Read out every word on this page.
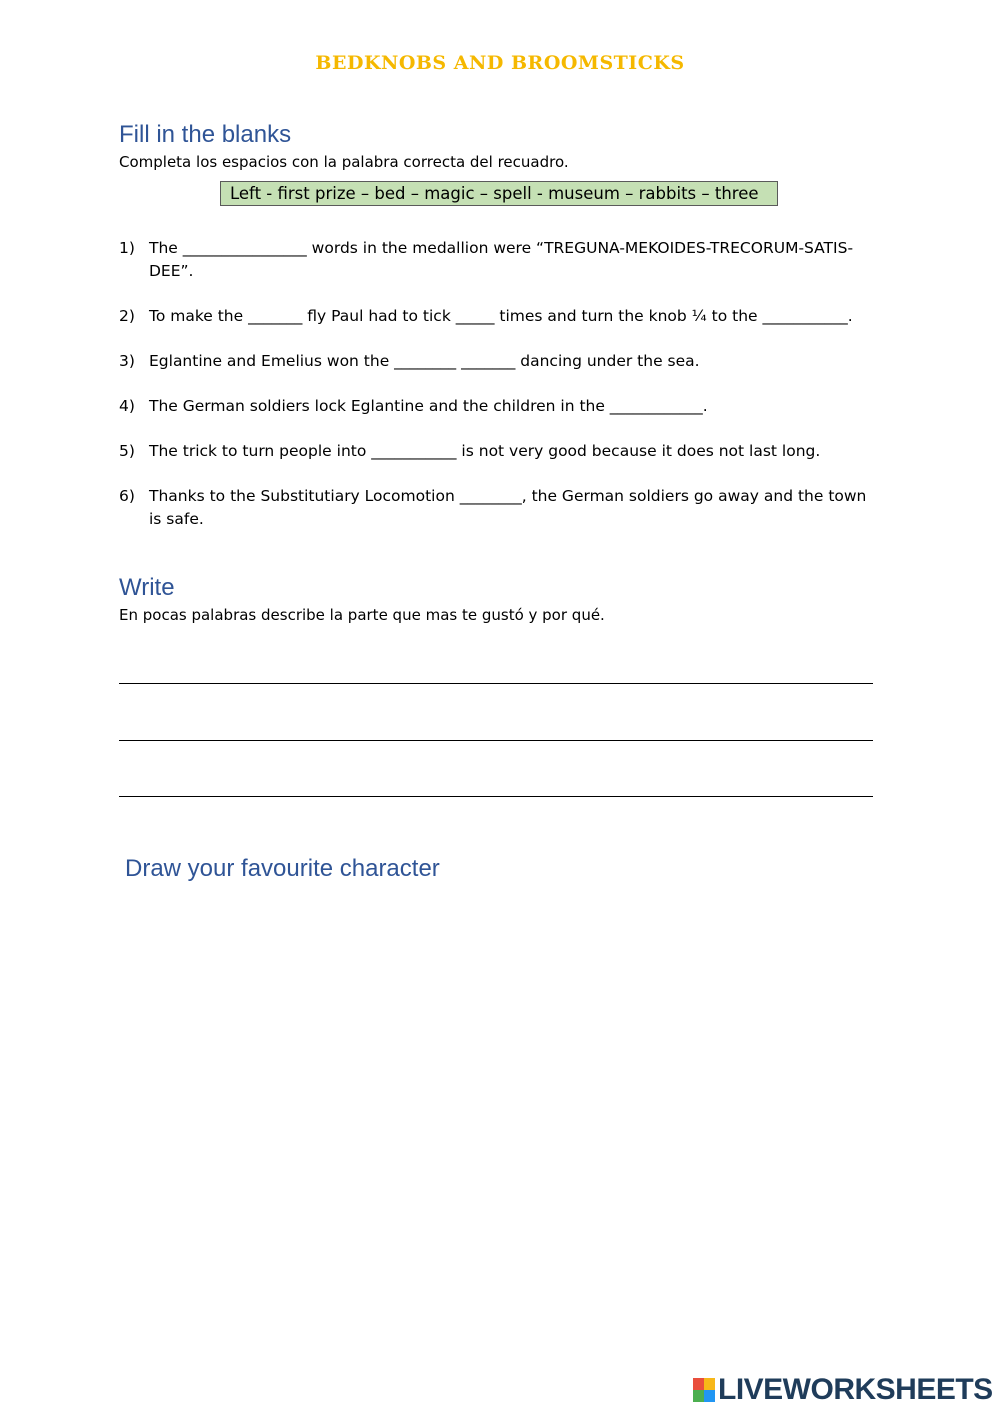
BEDKNOBS AND BROOMSTICKS
Fill in the blanks
Completa los espacios con la palabra correcta del recuadro.
Left - first prize – bed – magic – spell - museum – rabbits – three
1) The ________________ words in the medallion were “TREGUNA-MEKOIDES-TRECORUM-SATIS-DEE”.
2) To make the _______ fly Paul had to tick _____ times and turn the knob ¼ to the ___________.
3) Eglantine and Emelius won the ________ _______ dancing under the sea.
4) The German soldiers lock Eglantine and the children in the ____________.
5) The trick to turn people into ___________ is not very good because it does not last long.
6) Thanks to the Substitutiary Locomotion ________, the German soldiers go away and the town is safe.
Write
En pocas palabras describe la parte que mas te gustó y por qué.
Draw your favourite character
LIVEWORKSHEETS
